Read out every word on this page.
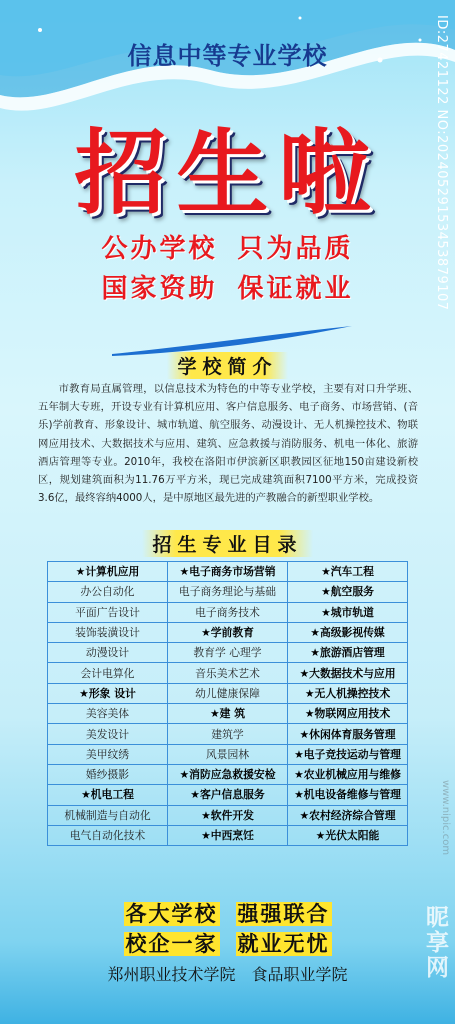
信息中等专业学校
招生啦
公办学校 只为品质
国家资助 保证就业
学校简介
市教育局直属管理，以信息技术为特色的中等专业学校，主要有对口升学班、五年制大专班，开设专业有计算机应用、客户信息服务、电子商务、市场营销、(音乐)学前教育、形象设计、城市轨道、航空服务、动漫设计、无人机操控技术、物联网应用技术、大数据技术与应用、建筑、应急救援与消防服务、机电一体化、旅游酒店管理等专业。2010年，我校在洛阳市伊滨新区职教园区征地150亩建设新校区，规划建筑面积为11.76万平方米，现已完成建筑面积7100平方米，完成投资3.6亿，最终容纳4000人，是中原地区最先进的产教融合的新型职业学校。
招生专业目录
★计算机应用	★电子商务市场营销	★汽车工程
办公自动化	电子商务理论与基础	★航空服务
平面广告设计	电子商务技术	★城市轨道
装饰装潢设计	★学前教育	★高级影视传媒
动漫设计	教育学 心理学	★旅游酒店管理
会计电算化	音乐美术艺术	★大数据技术与应用
★形象 设计	幼儿健康保障	★无人机操控技术
美容美体	★建 筑	★物联网应用技术
美发设计	建筑学	★休闲体育服务管理
美甲纹绣	风景园林	★电子竞技运动与管理
婚纱摄影	★消防应急救援安检	★农业机械应用与维修
★机电工程	★客户信息服务	★机电设备维修与管理
机械制造与自动化	★软件开发	★农村经济综合管理
电气自动化技术	★中西烹饪	★光伏太阳能
各大学校 强强联合
校企一家 就业无忧
郑州职业技术学院 食品职业学院
ID:27421122 NO:20240529153453879107
www.nipic.com
昵享网
